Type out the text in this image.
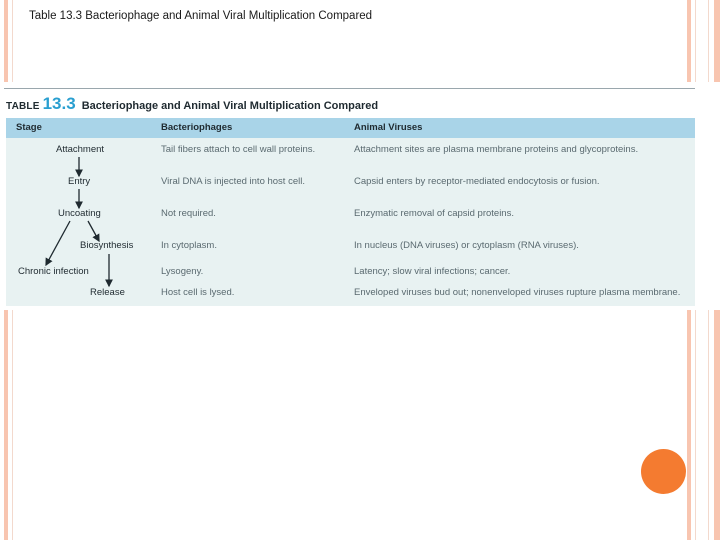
Table 13.3 Bacteriophage and Animal Viral Multiplication Compared
TABLE 13.3 Bacteriophage and Animal Viral Multiplication Compared
Stage	Bacteriophages	Animal Viruses
Attachment	Tail fibers attach to cell wall proteins.	Attachment sites are plasma membrane proteins and glycoproteins.
Entry	Viral DNA is injected into host cell.	Capsid enters by receptor-mediated endocytosis or fusion.
Uncoating	Not required.	Enzymatic removal of capsid proteins.
Biosynthesis	In cytoplasm.	In nucleus (DNA viruses) or cytoplasm (RNA viruses).
Chronic infection	Lysogeny.	Latency; slow viral infections; cancer.
Release	Host cell is lysed.	Enveloped viruses bud out; nonenveloped viruses rupture plasma membrane.
